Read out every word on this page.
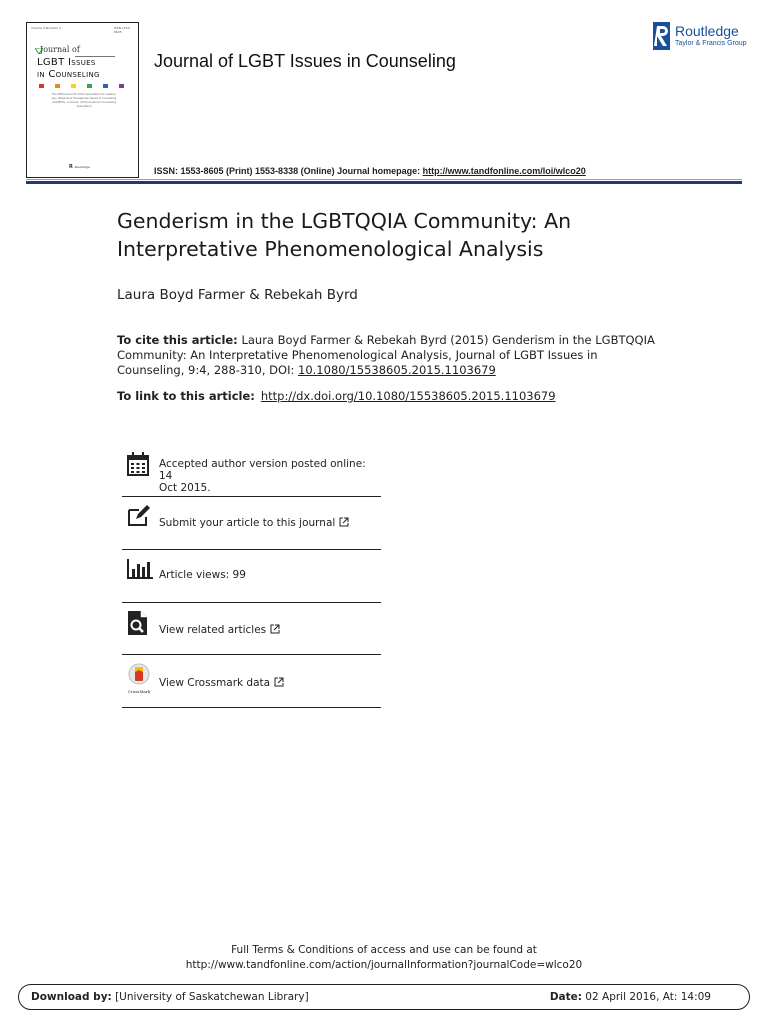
Volume 9 Number 4	ISSN 1553-8605
Journal of
LGBT Issues
in Counseling
The Official Journal of the Association for Lesbian, Gay, Bisexual & Transgender Issues in Counseling (ALGBTIC), a division of the American Counseling Association
R Routledge
Journal of LGBT Issues in Counseling
Routledge
Taylor & Francis Group
ISSN: 1553-8605 (Print) 1553-8338 (Online) Journal homepage: http://www.tandfonline.com/loi/wlco20
Genderism in the LGBTQQIA Community: An
Interpretative Phenomenological Analysis
Laura Boyd Farmer & Rebekah Byrd
To cite this article: Laura Boyd Farmer & Rebekah Byrd (2015) Genderism in the LGBTQQIA Community: An Interpretative Phenomenological Analysis, Journal of LGBT Issues in Counseling, 9:4, 288-310, DOI: 10.1080/15538605.2015.1103679
To link to this article: http://dx.doi.org/10.1080/15538605.2015.1103679
Accepted author version posted online: 14
Oct 2015.
Submit your article to this journal
Article views: 99
View related articles
CrossMark
View Crossmark data
Full Terms & Conditions of access and use can be found at
http://www.tandfonline.com/action/journalInformation?journalCode=wlco20
Download by: [University of Saskatchewan Library]	Date: 02 April 2016, At: 14:09
